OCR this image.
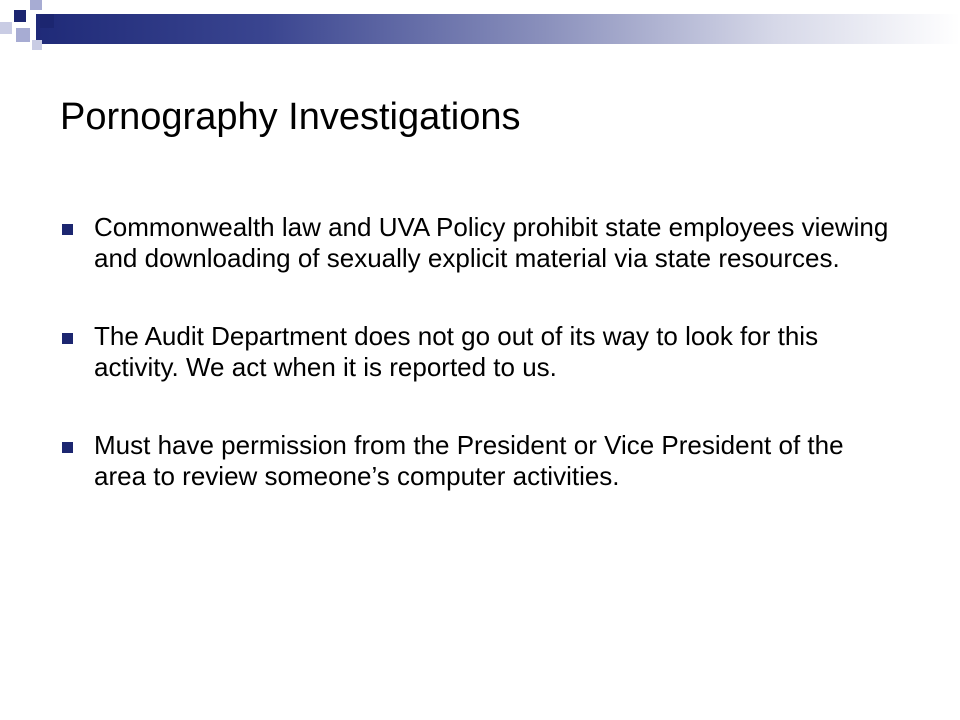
Pornography Investigations
Commonwealth law and UVA Policy prohibit state employees viewing and downloading of sexually explicit material via state resources.
The Audit Department does not go out of its way to look for this activity. We act when it is reported to us.
Must have permission from the President or Vice President of the area to review someone’s computer activities.
